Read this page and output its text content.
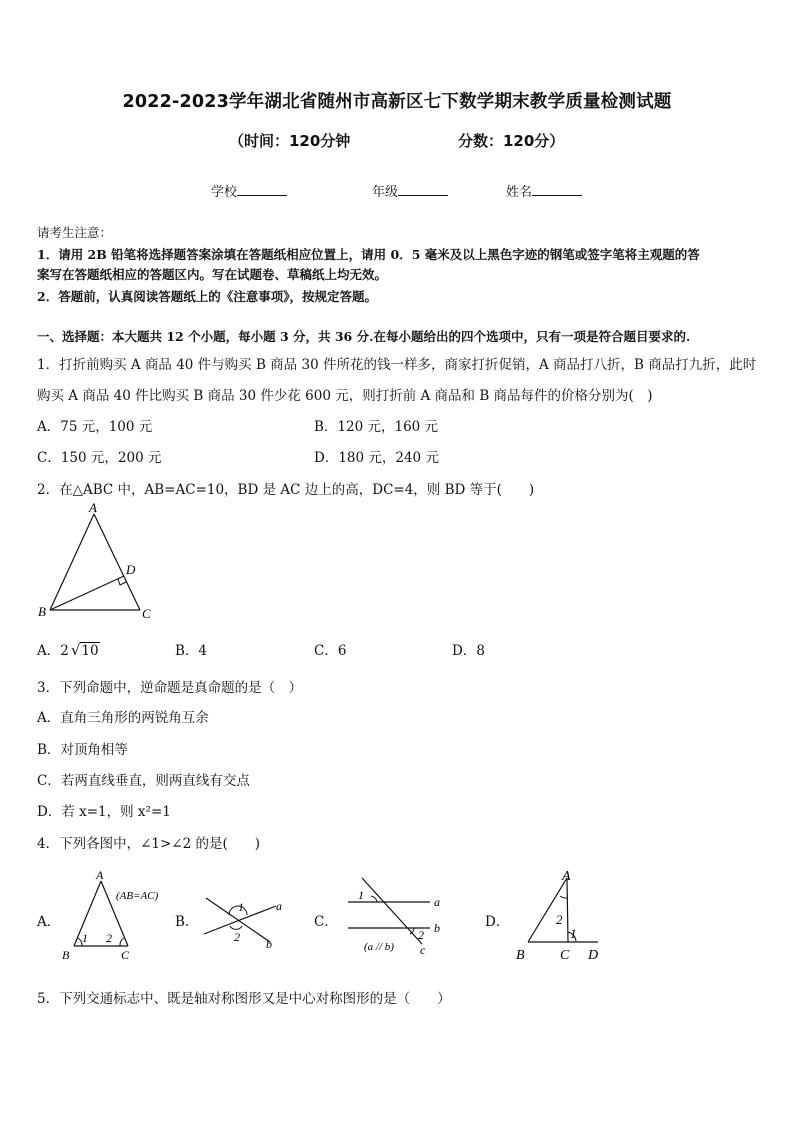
2022-2023学年湖北省随州市高新区七下数学期末教学质量检测试题
（时间：120分钟	分数：120分）
学校	年级	姓名
请考生注意：
1．请用 2B 铅笔将选择题答案涂填在答题纸相应位置上，请用 0．5 毫米及以上黑色字迹的钢笔或签字笔将主观题的答
案写在答题纸相应的答题区内。写在试题卷、草稿纸上均无效。
2．答题前，认真阅读答题纸上的《注意事项》，按规定答题。
一、选择题：本大题共 12 个小题，每小题 3 分，共 36 分.在每小题给出的四个选项中，只有一项是符合题目要求的.
1．打折前购买 A 商品 40 件与购买 B 商品 30 件所花的钱一样多，商家打折促销，A 商品打八折，B 商品打九折，此时
购买 A 商品 40 件比购买 B 商品 30 件少花 600 元，则打折前 A 商品和 B 商品每件的价格分别为(　)
A．75 元，100 元	B．120 元，160 元
C．150 元，200 元	D．180 元，240 元
2．在△ABC 中，AB=AC=10，BD 是 AC 边上的高，DC=4，则 BD 等于(　　)
A
B	C
D
A．2 √10	B．4	C．6	D．8
3．下列命题中，逆命题是真命题的是（　）
A．直角三角形的两锐角互余
B．对顶角相等
C．若两直线垂直，则两直线有交点
D．若 x=1，则 x²=1
4．下列各图中，∠1>∠2 的是(　　)
A．
A
B	C
1 2
(AB=AC)
B．
1
2
a
b
C．
1
2
a
b
c
(a // b)
D．
A
B	C D
1
2
5．下列交通标志中、既是轴对称图形又是中心对称图形的是（　　）
